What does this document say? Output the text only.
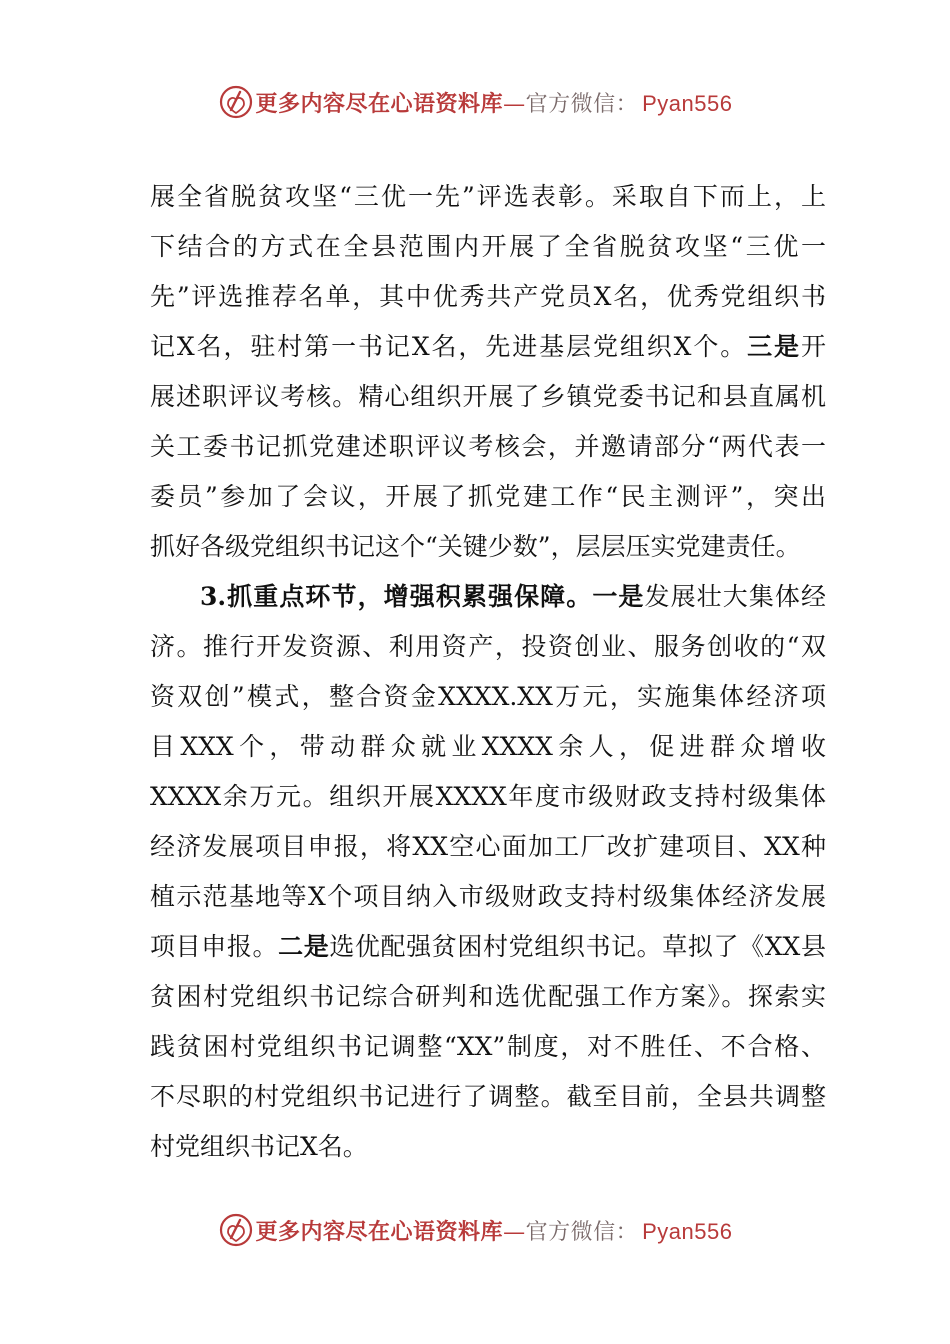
更多内容尽在心语资料库 — 官方微信： Pyan556
展全省脱贫攻坚“三优一先”评选表彰。采取自下而上，上
下结合的方式在全县范围内开展了全省脱贫攻坚“三优一
先”评选推荐名单，其中优秀共产党员X名，优秀党组织书
记X名，驻村第一书记X名，先进基层党组织X个。三是开
展述职评议考核。精心组织开展了乡镇党委书记和县直属机
关工委书记抓党建述职评议考核会，并邀请部分“两代表一
委员”参加了会议，开展了抓党建工作“民主测评”，突出
抓好各级党组织书记这个“关键少数”，层层压实党建责任。
3.抓重点环节，增强积累强保障。一是发展壮大集体经
济。推行开发资源、利用资产，投资创业、服务创收的“双
资双创”模式，整合资金XXXX.XX万元，实施集体经济项
目XXX个，带动群众就业XXXX余人，促进群众增收
XXXX余万元。组织开展XXXX年度市级财政支持村级集体
经济发展项目申报，将XX空心面加工厂改扩建项目、XX种
植示范基地等X个项目纳入市级财政支持村级集体经济发展
项目申报。二是选优配强贫困村党组织书记。草拟了《XX县
贫困村党组织书记综合研判和选优配强工作方案》。探索实
践贫困村党组织书记调整“XX”制度，对不胜任、不合格、
不尽职的村党组织书记进行了调整。截至目前，全县共调整
村党组织书记X名。
更多内容尽在心语资料库 — 官方微信： Pyan556
